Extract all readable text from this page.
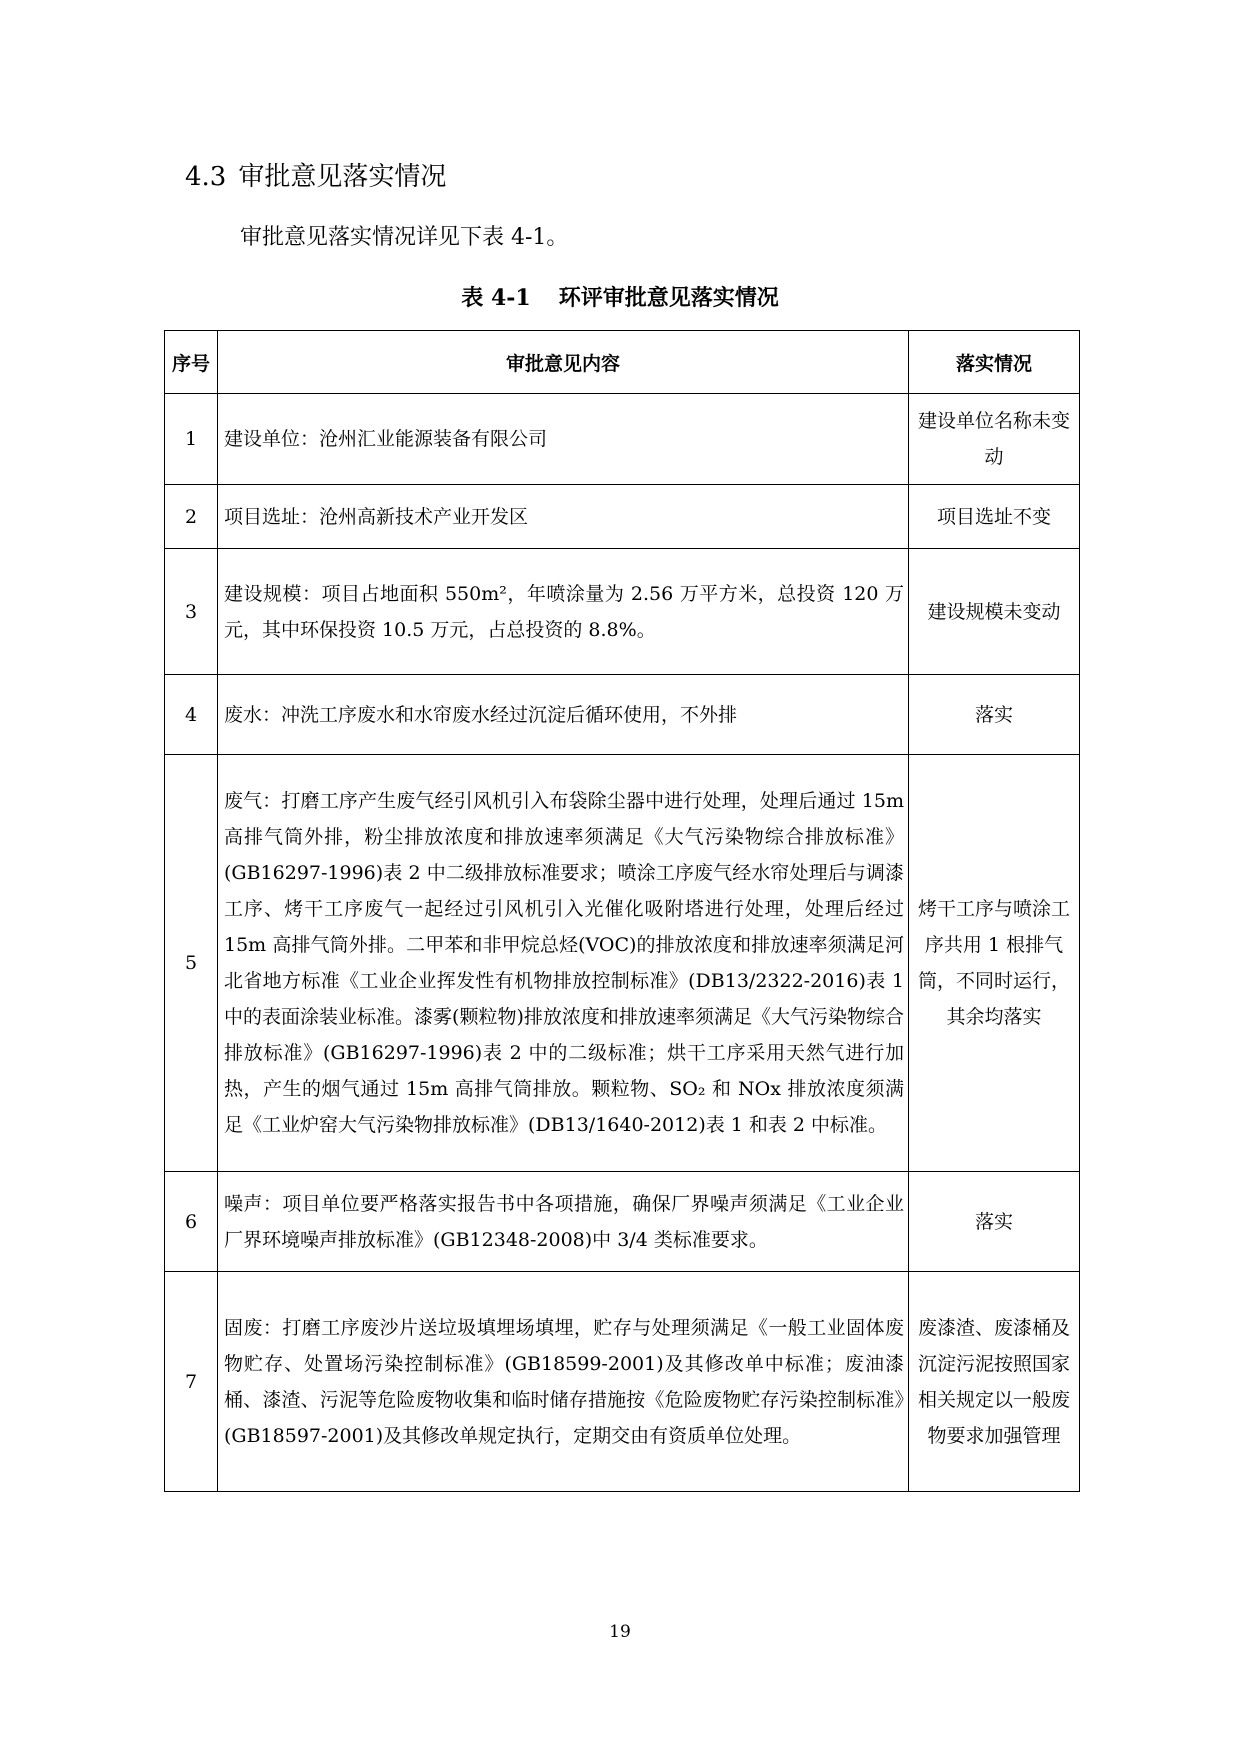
4.3 审批意见落实情况
审批意见落实情况详见下表 4-1。
表 4-1 环评审批意见落实情况
序号	审批意见内容	落实情况
1	建设单位：沧州汇业能源装备有限公司	建设单位名称未变动
2	项目选址：沧州高新技术产业开发区	项目选址不变
3	建设规模：项目占地面积 550m²，年喷涂量为 2.56 万平方米，总投资 120 万元，其中环保投资 10.5 万元，占总投资的 8.8%。	建设规模未变动
4	废水：冲洗工序废水和水帘废水经过沉淀后循环使用，不外排	落实
5	废气：打磨工序产生废气经引风机引入布袋除尘器中进行处理，处理后通过 15m 高排气筒外排，粉尘排放浓度和排放速率须满足《大气污染物综合排放标准》(GB16297-1996)表 2 中二级排放标准要求；喷涂工序废气经水帘处理后与调漆工序、烤干工序废气一起经过引风机引入光催化吸附塔进行处理，处理后经过 15m 高排气筒外排。二甲苯和非甲烷总烃(VOC)的排放浓度和排放速率须满足河北省地方标准《工业企业挥发性有机物排放控制标准》(DB13/2322-2016)表 1 中的表面涂装业标准。漆雾(颗粒物)排放浓度和排放速率须满足《大气污染物综合排放标准》(GB16297-1996)表 2 中的二级标准；烘干工序采用天然气进行加热，产生的烟气通过 15m 高排气筒排放。颗粒物、SO₂ 和 NOx 排放浓度须满足《工业炉窑大气污染物排放标准》(DB13/1640-2012)表 1 和表 2 中标准。	烤干工序与喷涂工序共用 1 根排气筒，不同时运行，其余均落实
6	噪声：项目单位要严格落实报告书中各项措施，确保厂界噪声须满足《工业企业厂界环境噪声排放标准》(GB12348-2008)中 3/4 类标准要求。	落实
7	固废：打磨工序废沙片送垃圾填埋场填埋，贮存与处理须满足《一般工业固体废物贮存、处置场污染控制标准》(GB18599-2001)及其修改单中标准；废油漆桶、漆渣、污泥等危险废物收集和临时储存措施按《危险废物贮存污染控制标准》(GB18597-2001)及其修改单规定执行，定期交由有资质单位处理。	废漆渣、废漆桶及沉淀污泥按照国家相关规定以一般废物要求加强管理
19
